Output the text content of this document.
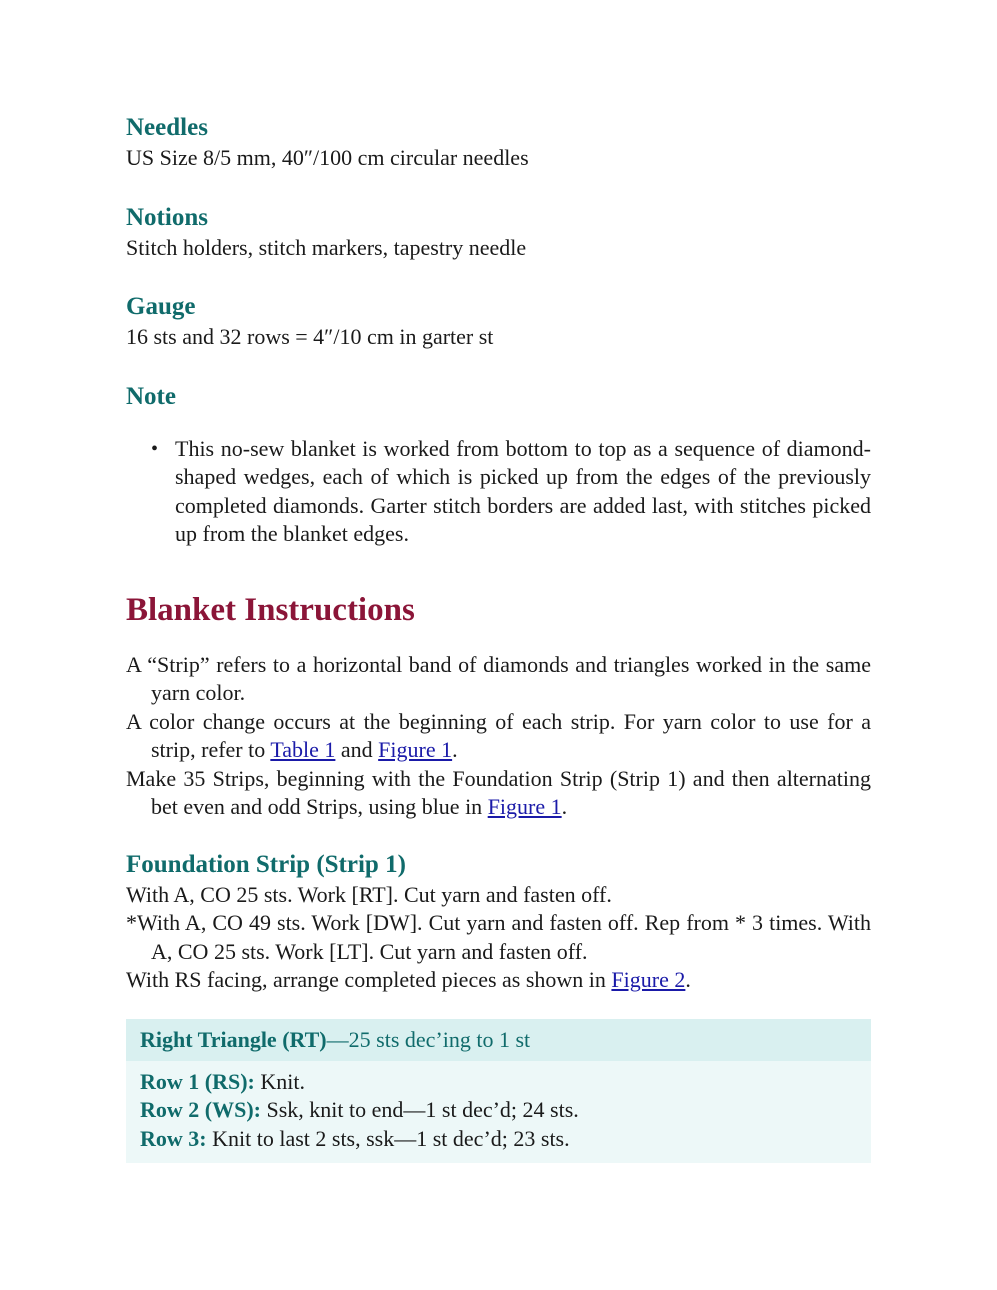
Needles

US Size 8/5 mm, 40″/100 cm circular needles

Notions

Stitch holders, stitch markers, tapestry needle

Gauge

16 sts and 32 rows = 4″/10 cm in garter st

Note
• This no-sew blanket is worked from bottom to top as a sequence of diamond-shaped wedges, each of which is picked up from the edges of the previously completed diamonds. Garter stitch borders are added last, with stitches picked up from the blanket edges.
Blanket Instructions

A “Strip” refers to a horizontal band of diamonds and triangles worked in the same yarn color.

A color change occurs at the beginning of each strip. For yarn color to use for a strip, refer to Table 1 and Figure 1.

Make 35 Strips, beginning with the Foundation Strip (Strip 1) and then alternating bet even and odd Strips, using blue in Figure 1.

Foundation Strip (Strip 1)

With A, CO 25 sts. Work [RT]. Cut yarn and fasten off.

*With A, CO 49 sts. Work [DW]. Cut yarn and fasten off. Rep from * 3 times. With A, CO 25 sts. Work [LT]. Cut yarn and fasten off.

With RS facing, arrange completed pieces as shown in Figure 2.

Right Triangle (RT)—25 sts dec’ing to 1 st

Row 1 (RS): Knit.

Row 2 (WS): Ssk, knit to end—1 st dec’d; 24 sts.

Row 3: Knit to last 2 sts, ssk—1 st dec’d; 23 sts.
